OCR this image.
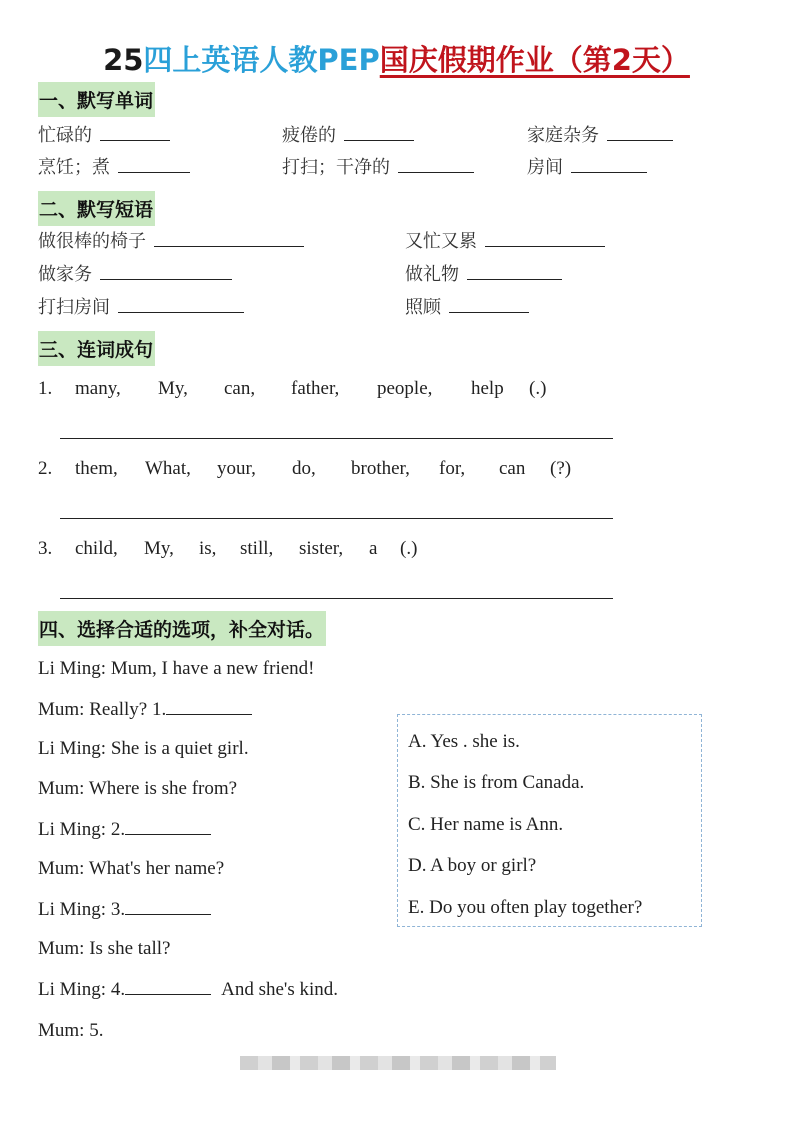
25四上英语人教PEP国庆假期作业（第2天）
一、默写单词
忙碌的	疲倦的	家庭杂务
烹饪；煮	打扫；干净的	房间
二、默写短语
做很棒的椅子	又忙又累
做家务	做礼物
打扫房间	照顾
三、连词成句
1. many, My, can, father, people, help (.)
2. them, What, your, do, brother, for, can (?)
3. child, My, is, still, sister, a (.)
四、选择合适的选项，补全对话。
Li Ming: Mum, I have a new friend!
Mum: Really? 1.
Li Ming: She is a quiet girl.
Mum: Where is she from?
Li Ming: 2.
Mum: What's her name?
Li Ming: 3.
Mum: Is she tall?
Li Ming: 4.	And she's kind.
Mum: 5.
A. Yes . she is.
B. She is from Canada.
C. Her name is Ann.
D. A boy or girl?
E. Do you often play together?
